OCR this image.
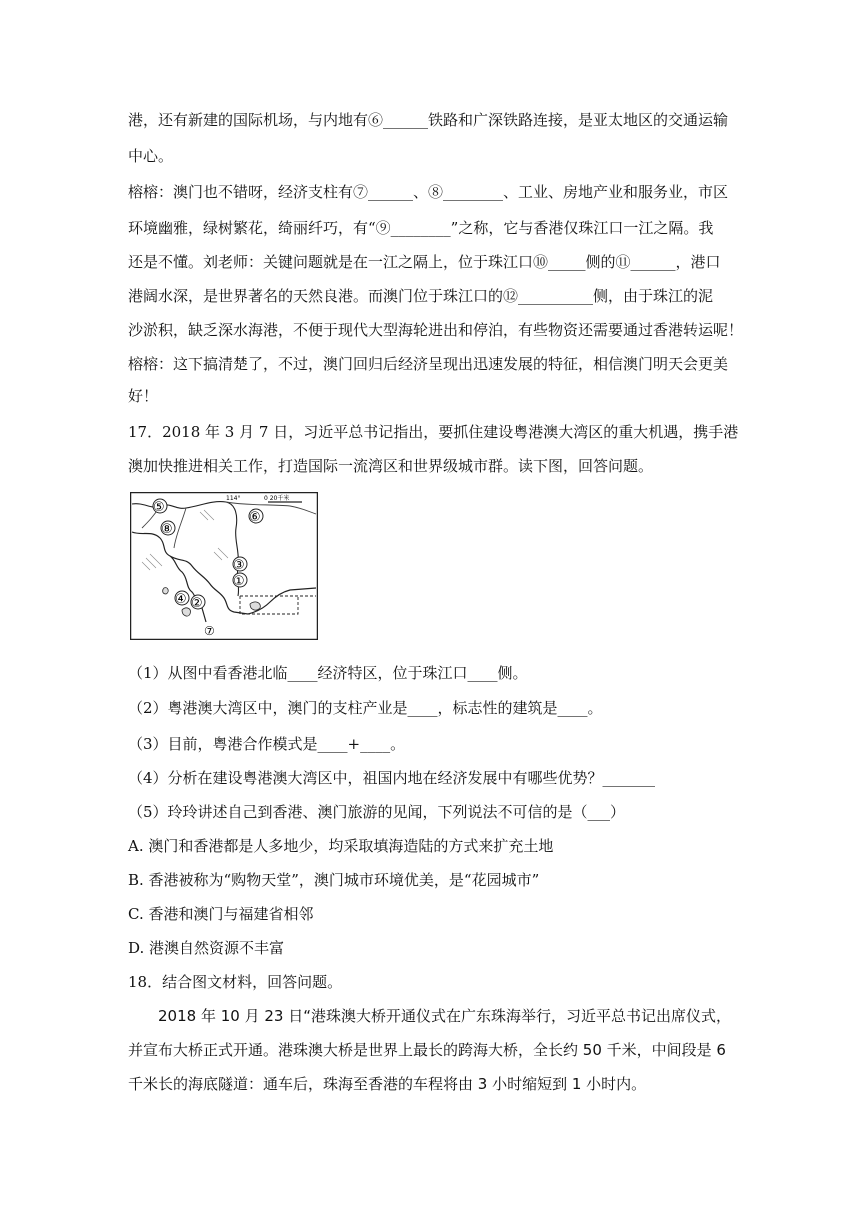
港，还有新建的国际机场，与内地有⑥______铁路和广深铁路连接，是亚太地区的交通运输
中心。
榕榕：澳门也不错呀，经济支柱有⑦______、⑧________、工业、房地产业和服务业，市区
环境幽雅，绿树繁花，绮丽纤巧，有“⑨________”之称，它与香港仅珠江口一江之隔。我
还是不懂。刘老师：关键问题就是在一江之隔上，位于珠江口⑩_____侧的⑪______，港口
港阔水深，是世界著名的天然良港。而澳门位于珠江口的⑫__________侧，由于珠江的泥
沙淤积，缺乏深水海港，不便于现代大型海轮进出和停泊，有些物资还需要通过香港转运呢！
榕榕：这下搞清楚了，不过，澳门回归后经济呈现出迅速发展的特征，相信澳门明天会更美
好！
17．2018 年 3 月 7 日，习近平总书记指出，要抓住建设粤港澳大湾区的重大机遇，携手港
澳加快推进相关工作，打造国际一流湾区和世界级城市群。读下图，回答问题。
0 20千米
114°
⑤
⑧
⑥
③
①
④ ②
⑦
（1）从图中看香港北临____经济特区，位于珠江口____侧。
（2）粤港澳大湾区中，澳门的支柱产业是____，标志性的建筑是____。
（3）目前，粤港合作模式是____+____。
（4）分析在建设粤港澳大湾区中，祖国内地在经济发展中有哪些优势？_______
（5）玲玲讲述自己到香港、澳门旅游的见闻，下列说法不可信的是（___）
A. 澳门和香港都是人多地少，均采取填海造陆的方式来扩充土地
B. 香港被称为“购物天堂”，澳门城市环境优美，是“花园城市”
C. 香港和澳门与福建省相邻
D. 港澳自然资源不丰富
18．结合图文材料，回答问题。
2018 年 10 月 23 日“港珠澳大桥开通仪式在广东珠海举行，习近平总书记出席仪式，
并宣布大桥正式开通。港珠澳大桥是世界上最长的跨海大桥，全长约 50 千米，中间段是 6
千米长的海底隧道：通车后，珠海至香港的车程将由 3 小时缩短到 1 小时内。
